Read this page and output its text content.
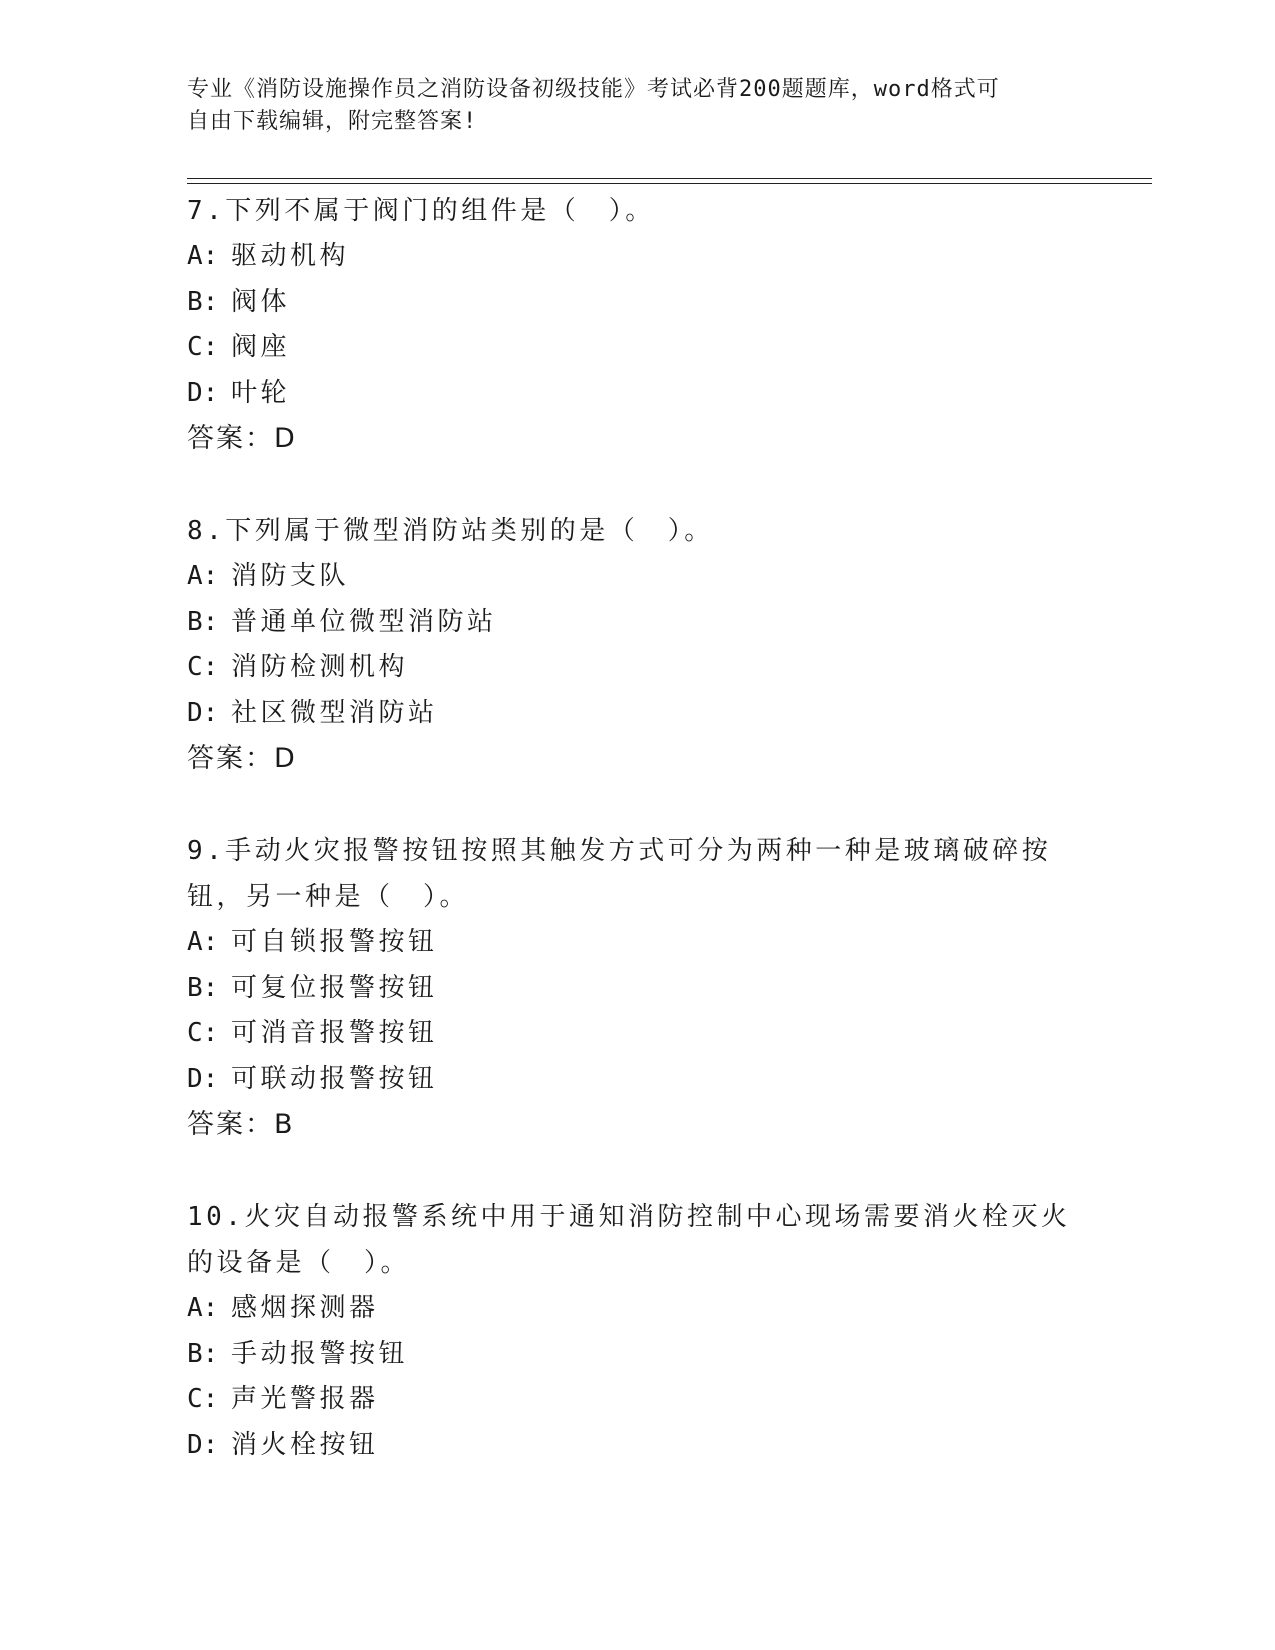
专业《消防设施操作员之消防设备初级技能》考试必背200题题库，word格式可
自由下载编辑，附完整答案!
7.下列不属于阀门的组件是（　）。
A: 驱动机构
B: 阀体
C: 阀座
D: 叶轮
答案：D
8.下列属于微型消防站类别的是（　）。
A: 消防支队
B: 普通单位微型消防站
C: 消防检测机构
D: 社区微型消防站
答案：D
9.手动火灾报警按钮按照其触发方式可分为两种一种是玻璃破碎按钮，另一种是（　）。
A: 可自锁报警按钮
B: 可复位报警按钮
C: 可消音报警按钮
D: 可联动报警按钮
答案：B
10.火灾自动报警系统中用于通知消防控制中心现场需要消火栓灭火的设备是（　）。
A: 感烟探测器
B: 手动报警按钮
C: 声光警报器
D: 消火栓按钮
